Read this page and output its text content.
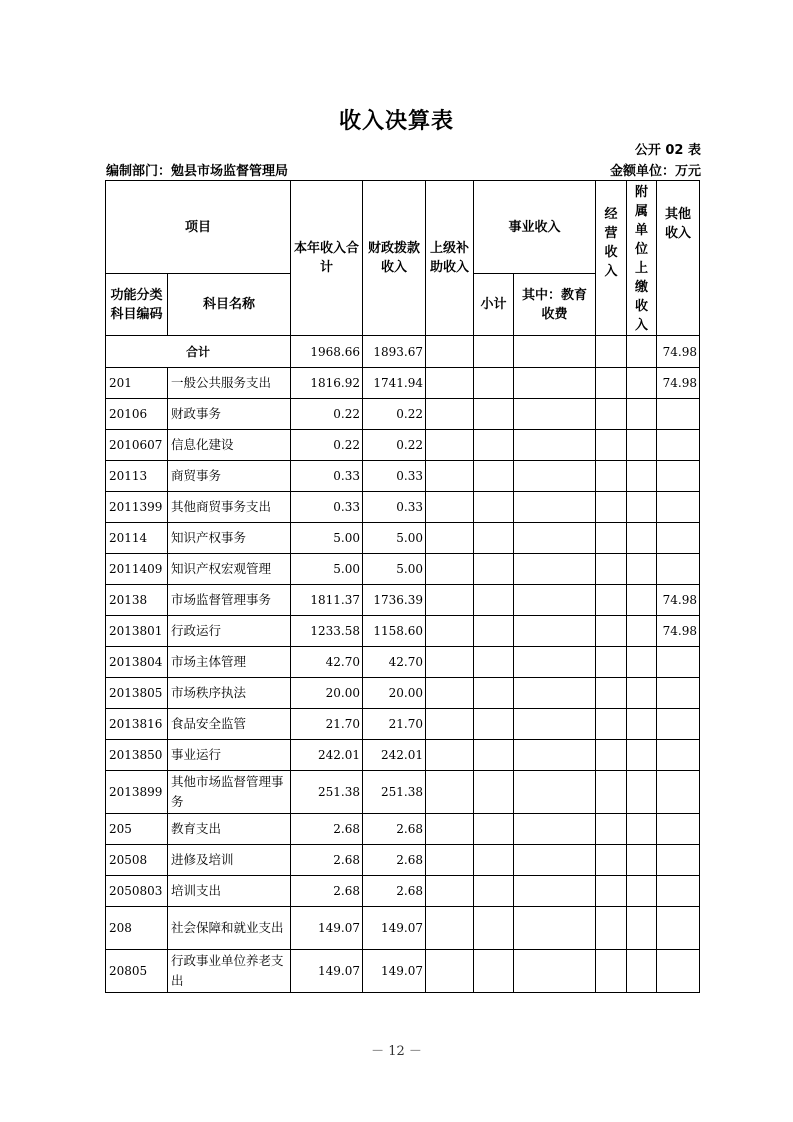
收入决算表
公开 02 表
编制部门：勉县市场监督管理局	金额单位：万元
项目		本年收入合计	财政拨款收入	上级补助收入	事业收入		经营收入	附属单位上缴收入	其他收入
功能分类科目编码	科目名称				小计	其中：教育收费			
合计		1968.66	1893.67						74.98
201	一般公共服务支出	1816.92	1741.94						74.98
20106	财政事务	0.22	0.22						
2010607	信息化建设	0.22	0.22						
20113	商贸事务	0.33	0.33						
2011399	其他商贸事务支出	0.33	0.33						
20114	知识产权事务	5.00	5.00						
2011409	知识产权宏观管理	5.00	5.00						
20138	市场监督管理事务	1811.37	1736.39						74.98
2013801	行政运行	1233.58	1158.60						74.98
2013804	市场主体管理	42.70	42.70						
2013805	市场秩序执法	20.00	20.00						
2013816	食品安全监管	21.70	21.70						
2013850	事业运行	242.01	242.01						
2013899	其他市场监督管理事务	251.38	251.38						
205	教育支出	2.68	2.68						
20508	进修及培训	2.68	2.68						
2050803	培训支出	2.68	2.68						
208	社会保障和就业支出	149.07	149.07						
20805	行政事业单位养老支出	149.07	149.07						
－ 12 －
